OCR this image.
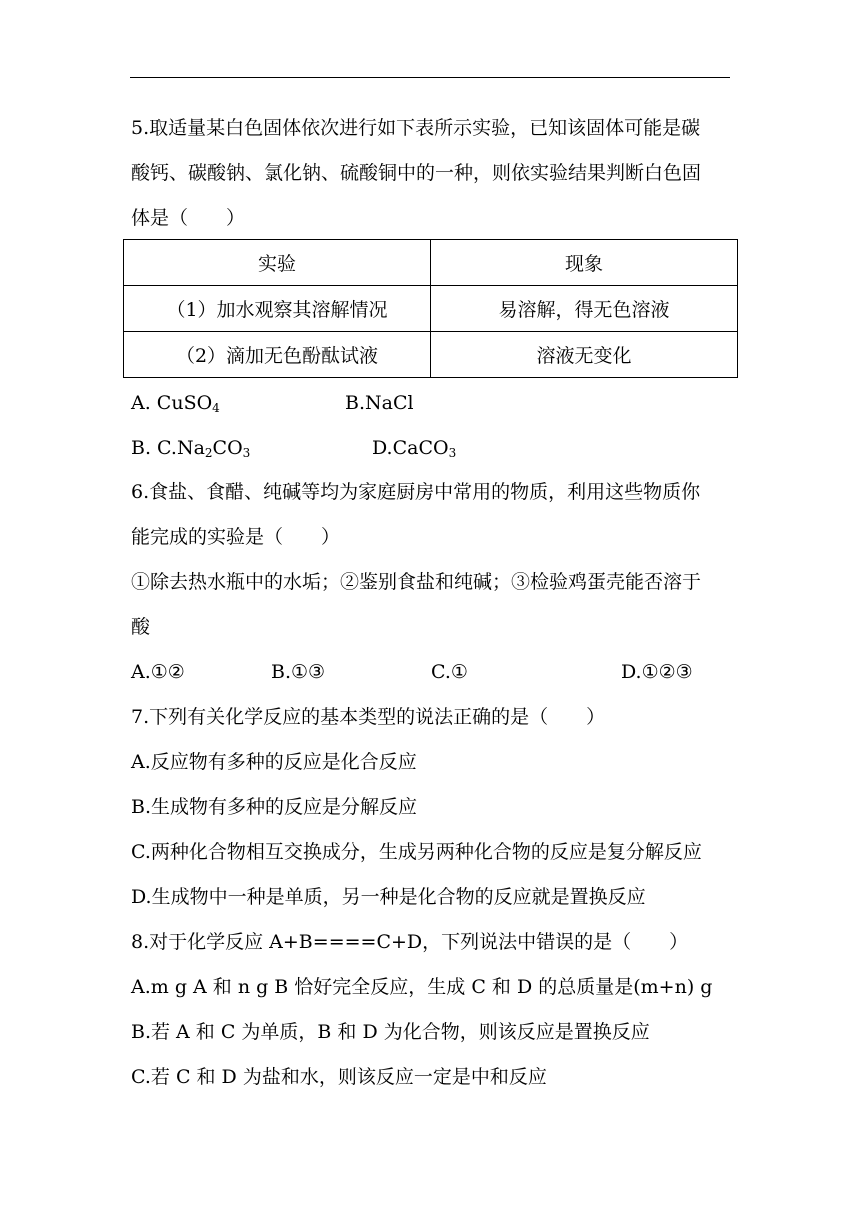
5.取适量某白色固体依次进行如下表所示实验，已知该固体可能是碳
酸钙、碳酸钠、氯化钠、硫酸铜中的一种，则依实验结果判断白色固
体是（　　）
实验	现象
（1）加水观察其溶解情况	易溶解，得无色溶液
（2）滴加无色酚酞试液	溶液无变化
A. CuSO$_4$	B.NaCl
B. $C.Na_2CO_3$	D.CaCO$_3$
6.食盐、食醋、纯碱等均为家庭厨房中常用的物质，利用这些物质你
能完成的实验是（　　）
①除去热水瓶中的水垢；②鉴别食盐和纯碱；③检验鸡蛋壳能否溶于
酸
A.①②	B.①③	C.①	D.①②③
7.下列有关化学反应的基本类型的说法正确的是（　　）
A.反应物有多种的反应是化合反应
B.生成物有多种的反应是分解反应
C.两种化合物相互交换成分，生成另两种化合物的反应是复分解反应
D.生成物中一种是单质，另一种是化合物的反应就是置换反应
8.对于化学反应 A+B====C+D，下列说法中错误的是（　　）
A.m g A 和 n g B 恰好完全反应，生成 C 和 D 的总质量是(m+n) g
B.若 A 和 C 为单质，B 和 D 为化合物，则该反应是置换反应
C.若 C 和 D 为盐和水，则该反应一定是中和反应
